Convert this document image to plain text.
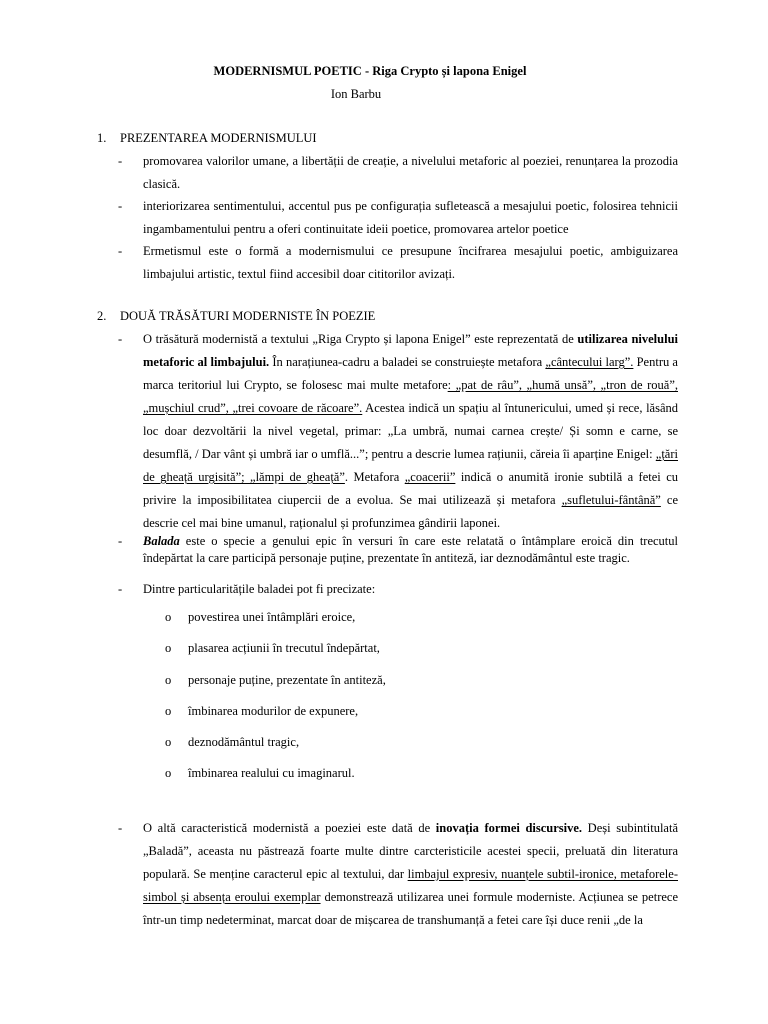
MODERNISMUL POETIC - Riga Crypto și lapona Enigel
Ion Barbu
1. PREZENTAREA MODERNISMULUI
- promovarea valorilor umane, a libertății de creație, a nivelului metaforic al poeziei, renunțarea la prozodia clasică.
- interiorizarea sentimentului, accentul pus pe configurația sufletească a mesajului poetic, folosirea tehnicii ingambamentului pentru a oferi continuitate ideii poetice, promovarea artelor poetice
- Ermetismul este o formă a modernismului ce presupune încifrarea mesajului poetic, ambiguizarea limbajului artistic, textul fiind accesibil doar cititorilor avizați.
2. DOUĂ TRĂSĂTURI MODERNISTE ÎN POEZIE
- O trăsătură modernistă a textului „Riga Crypto și lapona Enigel” este reprezentată de utilizarea nivelului metaforic al limbajului. În narațiunea-cadru a baladei se construiește metafora „cântecului larg”. Pentru a marca teritoriul lui Crypto, se folosesc mai multe metafore: „pat de râu”, „humă unsă”, „tron de rouă”, „mușchiul crud”, „trei covoare de răcoare”. Acestea indică un spațiu al întunericului, umed și rece, lăsând loc doar dezvoltării la nivel vegetal, primar: „La umbră, numai carnea crește/ Și somn e carne, se desumflă, / Dar vânt și umbră iar o umflă...”; pentru a descrie lumea rațiunii, căreia îi aparține Enigel: „țări de gheață urgisită”; „lămpi de gheață”. Metafora „coacerii” indică o anumită ironie subtilă a fetei cu privire la imposibilitatea ciupercii de a evolua. Se mai utilizează și metafora „sufletului-fântână” ce descrie cel mai bine umanul, raționalul și profunzimea gândirii laponei.
- Balada este o specie a genului epic în versuri în care este relatată o întâmplare eroică din trecutul îndepărtat la care participă personaje puține, prezentate în antiteză, iar deznodământul este tragic.
- Dintre particularitățile baladei pot fi precizate:
o povestirea unei întâmplări eroice,
o plasarea acțiunii în trecutul îndepărtat,
o personaje puține, prezentate în antiteză,
o îmbinarea modurilor de expunere,
o deznodământul tragic,
o îmbinarea realului cu imaginarul.
- O altă caracteristică modernistă a poeziei este dată de inovația formei discursive. Deși subintitulată „Baladă”, aceasta nu păstrează foarte multe dintre carcteristicile acestei specii, preluată din literatura populară. Se menține caracterul epic al textului, dar limbajul expresiv, nuanțele subtil-ironice, metaforele-simbol și absența eroului exemplar demonstrează utilizarea unei formule moderniste. Acțiunea se petrece într-un timp nedeterminat, marcat doar de mișcarea de transhumanță a fetei care își duce renii „de la
